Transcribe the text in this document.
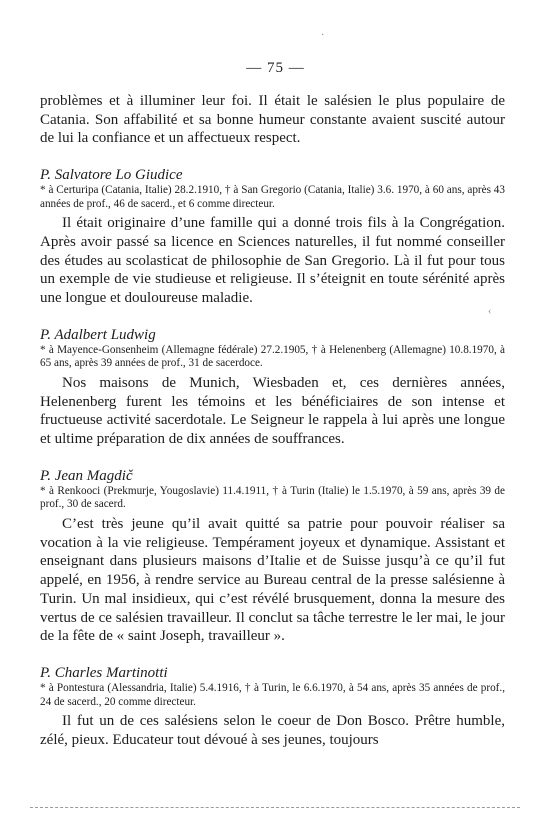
— 75 —

problèmes et à illuminer leur foi. Il était le salésien le plus populaire de Catania. Son affabilité et sa bonne humeur constante avaient suscité autour de lui la confiance et un affectueux respect.

P. Salvatore Lo Giudice

* à Certuripa (Catania, Italie) 28.2.1910, † à San Gregorio (Catania, Italie) 3.6. 1970, à 60 ans, après 43 années de prof., 46 de sacerd., et 6 comme directeur.

Il était originaire d’une famille qui a donné trois fils à la Congrégation. Après avoir passé sa licence en Sciences naturelles, il fut nommé conseiller des études au scolasticat de philosophie de San Gregorio. Là il fut pour tous un exemple de vie studieuse et religieuse. Il s’éteignit en toute sérénité après une longue et douloureuse maladie.

P. Adalbert Ludwig

* à Mayence-Gonsenheim (Allemagne fédérale) 27.2.1905, † à Helenenberg (Allemagne) 10.8.1970, à 65 ans, après 39 années de prof., 31 de sacerdoce.

Nos maisons de Munich, Wiesbaden et, ces dernières années, Helenenberg furent les témoins et les bénéficiaires de son intense et fructueuse activité sacerdotale. Le Seigneur le rappela à lui après une longue et ultime préparation de dix années de souffrances.

P. Jean Magdič

* à Renkooci (Prekmurje, Yougoslavie) 11.4.1911, † à Turin (Italie) le 1.5.1970, à 59 ans, après 39 de prof., 30 de sacerd.

C’est très jeune qu’il avait quitté sa patrie pour pouvoir réaliser sa vocation à la vie religieuse. Tempérament joyeux et dynamique. Assistant et enseignant dans plusieurs maisons d’Italie et de Suisse jusqu’à ce qu’il fut appelé, en 1956, à rendre service au Bureau central de la presse salésienne à Turin. Un mal insidieux, qui c’est révélé brusquement, donna la mesure des vertus de ce salésien travailleur. Il conclut sa tâche terrestre le ler mai, le jour de la fête de « saint Joseph, travailleur ».

P. Charles Martinotti

* à Pontestura (Alessandria, Italie) 5.4.1916, † à Turin, le 6.6.1970, à 54 ans, après 35 années de prof., 24 de sacerd., 20 comme directeur.

Il fut un de ces salésiens selon le coeur de Don Bosco. Prêtre humble, zélé, pieux. Educateur tout dévoué à ses jeunes, toujours

·
‹
